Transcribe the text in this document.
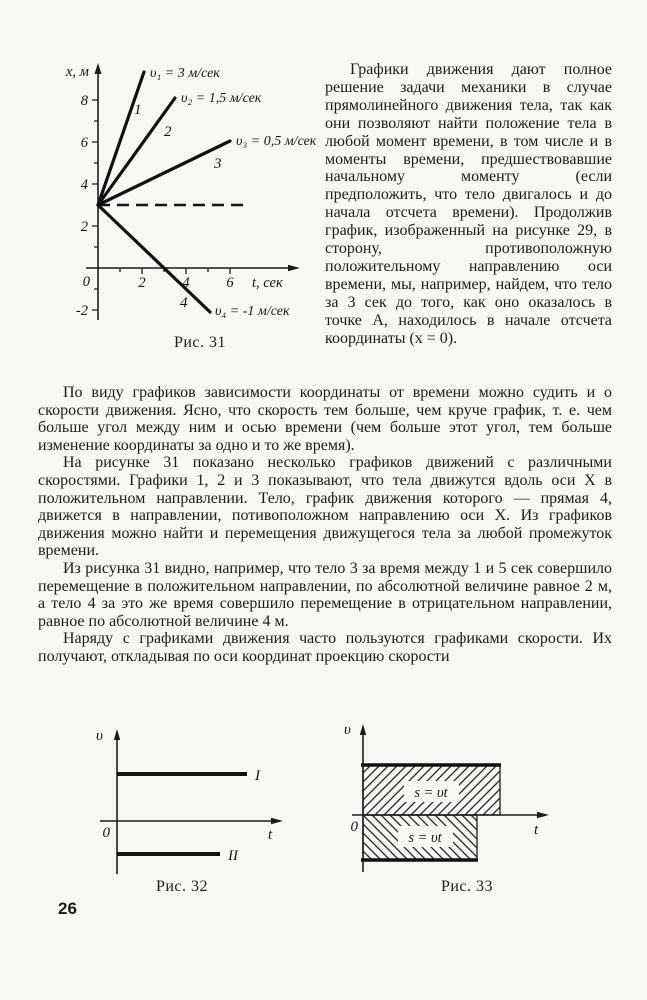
x, м
t, сек
0
8
6
4
2
-2
2	4	6
1
2
3
4
υ₁ = 3 м/сек
υ₂ = 1,5 м/сек
υ₃ = 0,5 м/сек
υ₄ = -1 м/сек
Рис. 31

Графики движения дают полное решение задачи механики в случае прямолинейного движения тела, так как они позволяют найти положение тела в любой момент времени, в том числе и в моменты времени, предшествовавшие начальному моменту (если предположить, что тело двигалось и до начала отсчета времени). Продолжив график, изображенный на рисунке 29, в сторону, противоположную положительному направлению оси времени, мы, например, найдем, что тело за 3 сек до того, как оно оказалось в точке А, находилось в начале отсчета координаты (x = 0).

По виду графиков зависимости координаты от времени можно судить и о скорости движения. Ясно, что скорость тем больше, чем круче график, т. е. чем больше угол между ним и осью времени (чем больше этот угол, тем больше изменение координаты за одно и то же время).

На рисунке 31 показано несколько графиков движений с различными скоростями. Графики 1, 2 и 3 показывают, что тела движутся вдоль оси X в положительном направлении. Тело, график движения которого — прямая 4, движется в направлении, потивоположном направлению оси X. Из графиков движения можно найти и перемещения движущегося тела за любой промежуток времени.

Из рисунка 31 видно, например, что тело 3 за время между 1 и 5 сек совершило перемещение в положительном направлении, по абсолютной величине равное 2 м, а тело 4 за это же время совершило перемещение в отрицательном направлении, равное по абсолютной величине 4 м.

Наряду с графиками движения часто пользуются графиками скорости. Их получают, откладывая по оси координат проекцию скорости

υ
0	t
I
II
Рис. 32
s = υt
s = υt
υ
0	t
Рис. 33
26
